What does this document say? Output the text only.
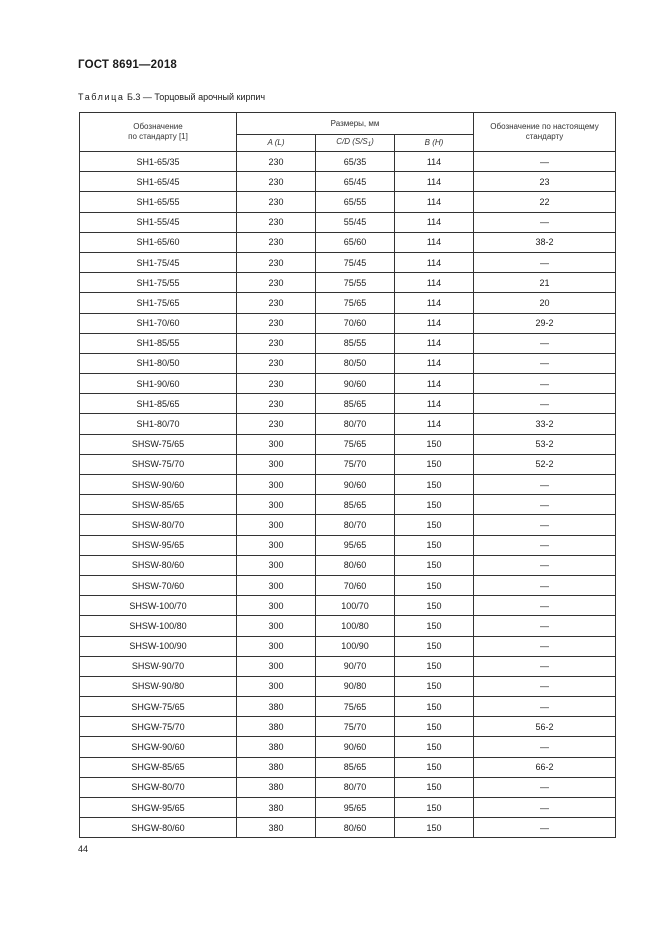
ГОСТ 8691—2018
Таблица Б.3 — Торцовый арочный кирпич
Обозначение
по стандарту [1]	Размеры, мм			Обозначение по настоящему
стандарту
	A (L)	C/D $(S/S_1)$	B (H)	
SH1-65/35	230	65/35	114	—
SH1-65/45	230	65/45	114	23
SH1-65/55	230	65/55	114	22
SH1-55/45	230	55/45	114	—
SH1-65/60	230	65/60	114	38-2
SH1-75/45	230	75/45	114	—
SH1-75/55	230	75/55	114	21
SH1-75/65	230	75/65	114	20
SH1-70/60	230	70/60	114	29-2
SH1-85/55	230	85/55	114	—
SH1-80/50	230	80/50	114	—
SH1-90/60	230	90/60	114	—
SH1-85/65	230	85/65	114	—
SH1-80/70	230	80/70	114	33-2
SHSW-75/65	300	75/65	150	53-2
SHSW-75/70	300	75/70	150	52-2
SHSW-90/60	300	90/60	150	—
SHSW-85/65	300	85/65	150	—
SHSW-80/70	300	80/70	150	—
SHSW-95/65	300	95/65	150	—
SHSW-80/60	300	80/60	150	—
SHSW-70/60	300	70/60	150	—
SHSW-100/70	300	100/70	150	—
SHSW-100/80	300	100/80	150	—
SHSW-100/90	300	100/90	150	—
SHSW-90/70	300	90/70	150	—
SHSW-90/80	300	90/80	150	—
SHGW-75/65	380	75/65	150	—
SHGW-75/70	380	75/70	150	56-2
SHGW-90/60	380	90/60	150	—
SHGW-85/65	380	85/65	150	66-2
SHGW-80/70	380	80/70	150	—
SHGW-95/65	380	95/65	150	—
SHGW-80/60	380	80/60	150	—
44
